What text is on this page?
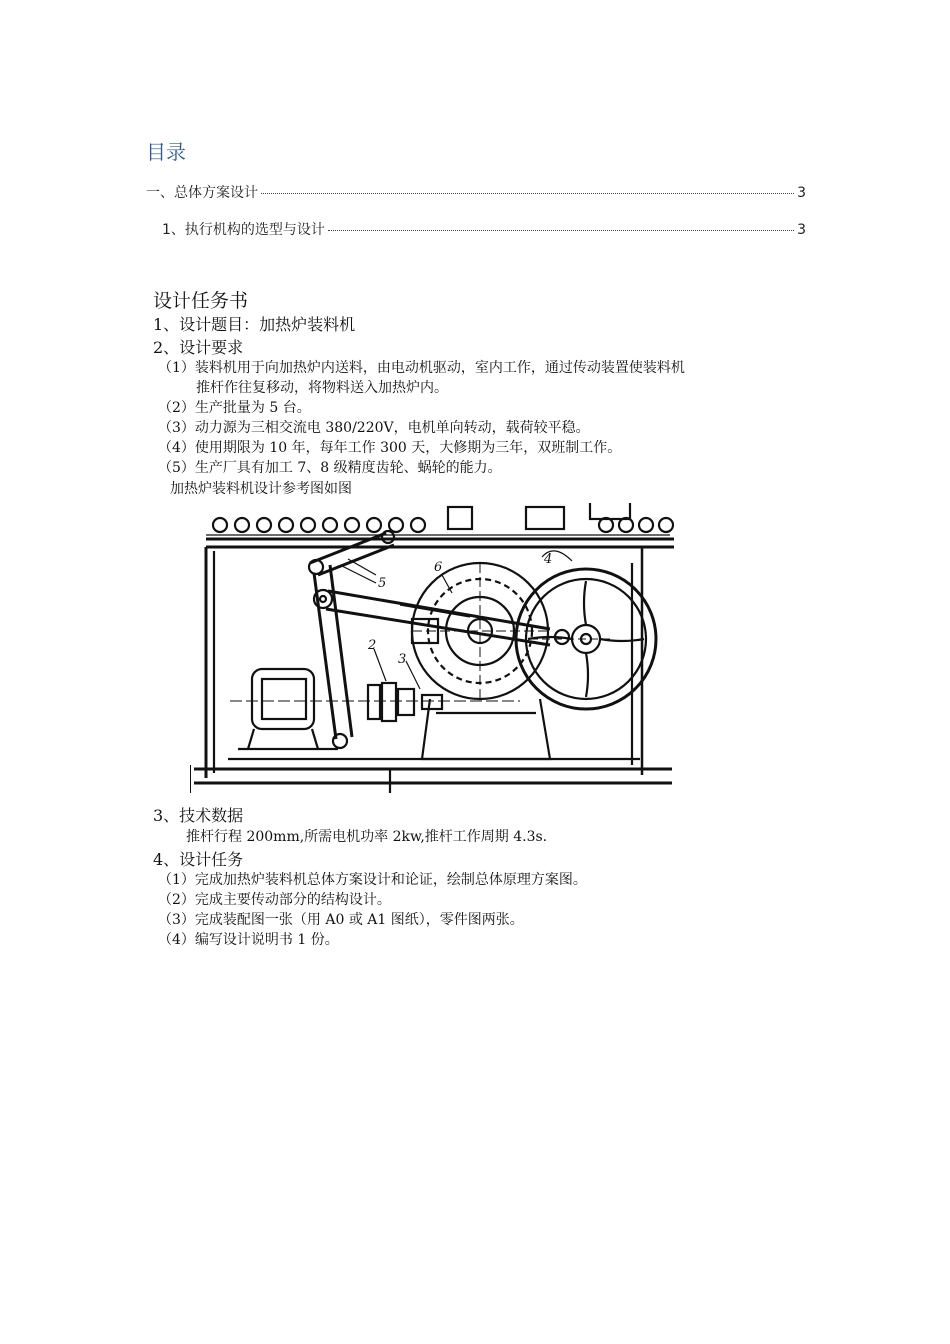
目录
一、总体方案设计	3
1、执行机构的选型与设计	3
设计任务书
1、设计题目：加热炉装料机
2、设计要求
（1）装料机用于向加热炉内送料，由电动机驱动，室内工作，通过传动装置使装料机
推杆作往复移动，将物料送入加热炉内。
（2）生产批量为 5 台。
（3）动力源为三相交流电 380/220V，电机单向转动，载荷较平稳。
（4）使用期限为 10 年，每年工作 300 天，大修期为三年，双班制工作。
（5）生产厂具有加工 7、8 级精度齿轮、蜗轮的能力。
加热炉装料机设计参考图如图
5
6
4
2
3
3、技术数据
推杆行程 200mm,所需电机功率 2kw,推杆工作周期 4.3s.
4、设计任务
（1）完成加热炉装料机总体方案设计和论证，绘制总体原理方案图。
（2）完成主要传动部分的结构设计。
（3）完成装配图一张（用 A0 或 A1 图纸），零件图两张。
（4）编写设计说明书 1 份。
